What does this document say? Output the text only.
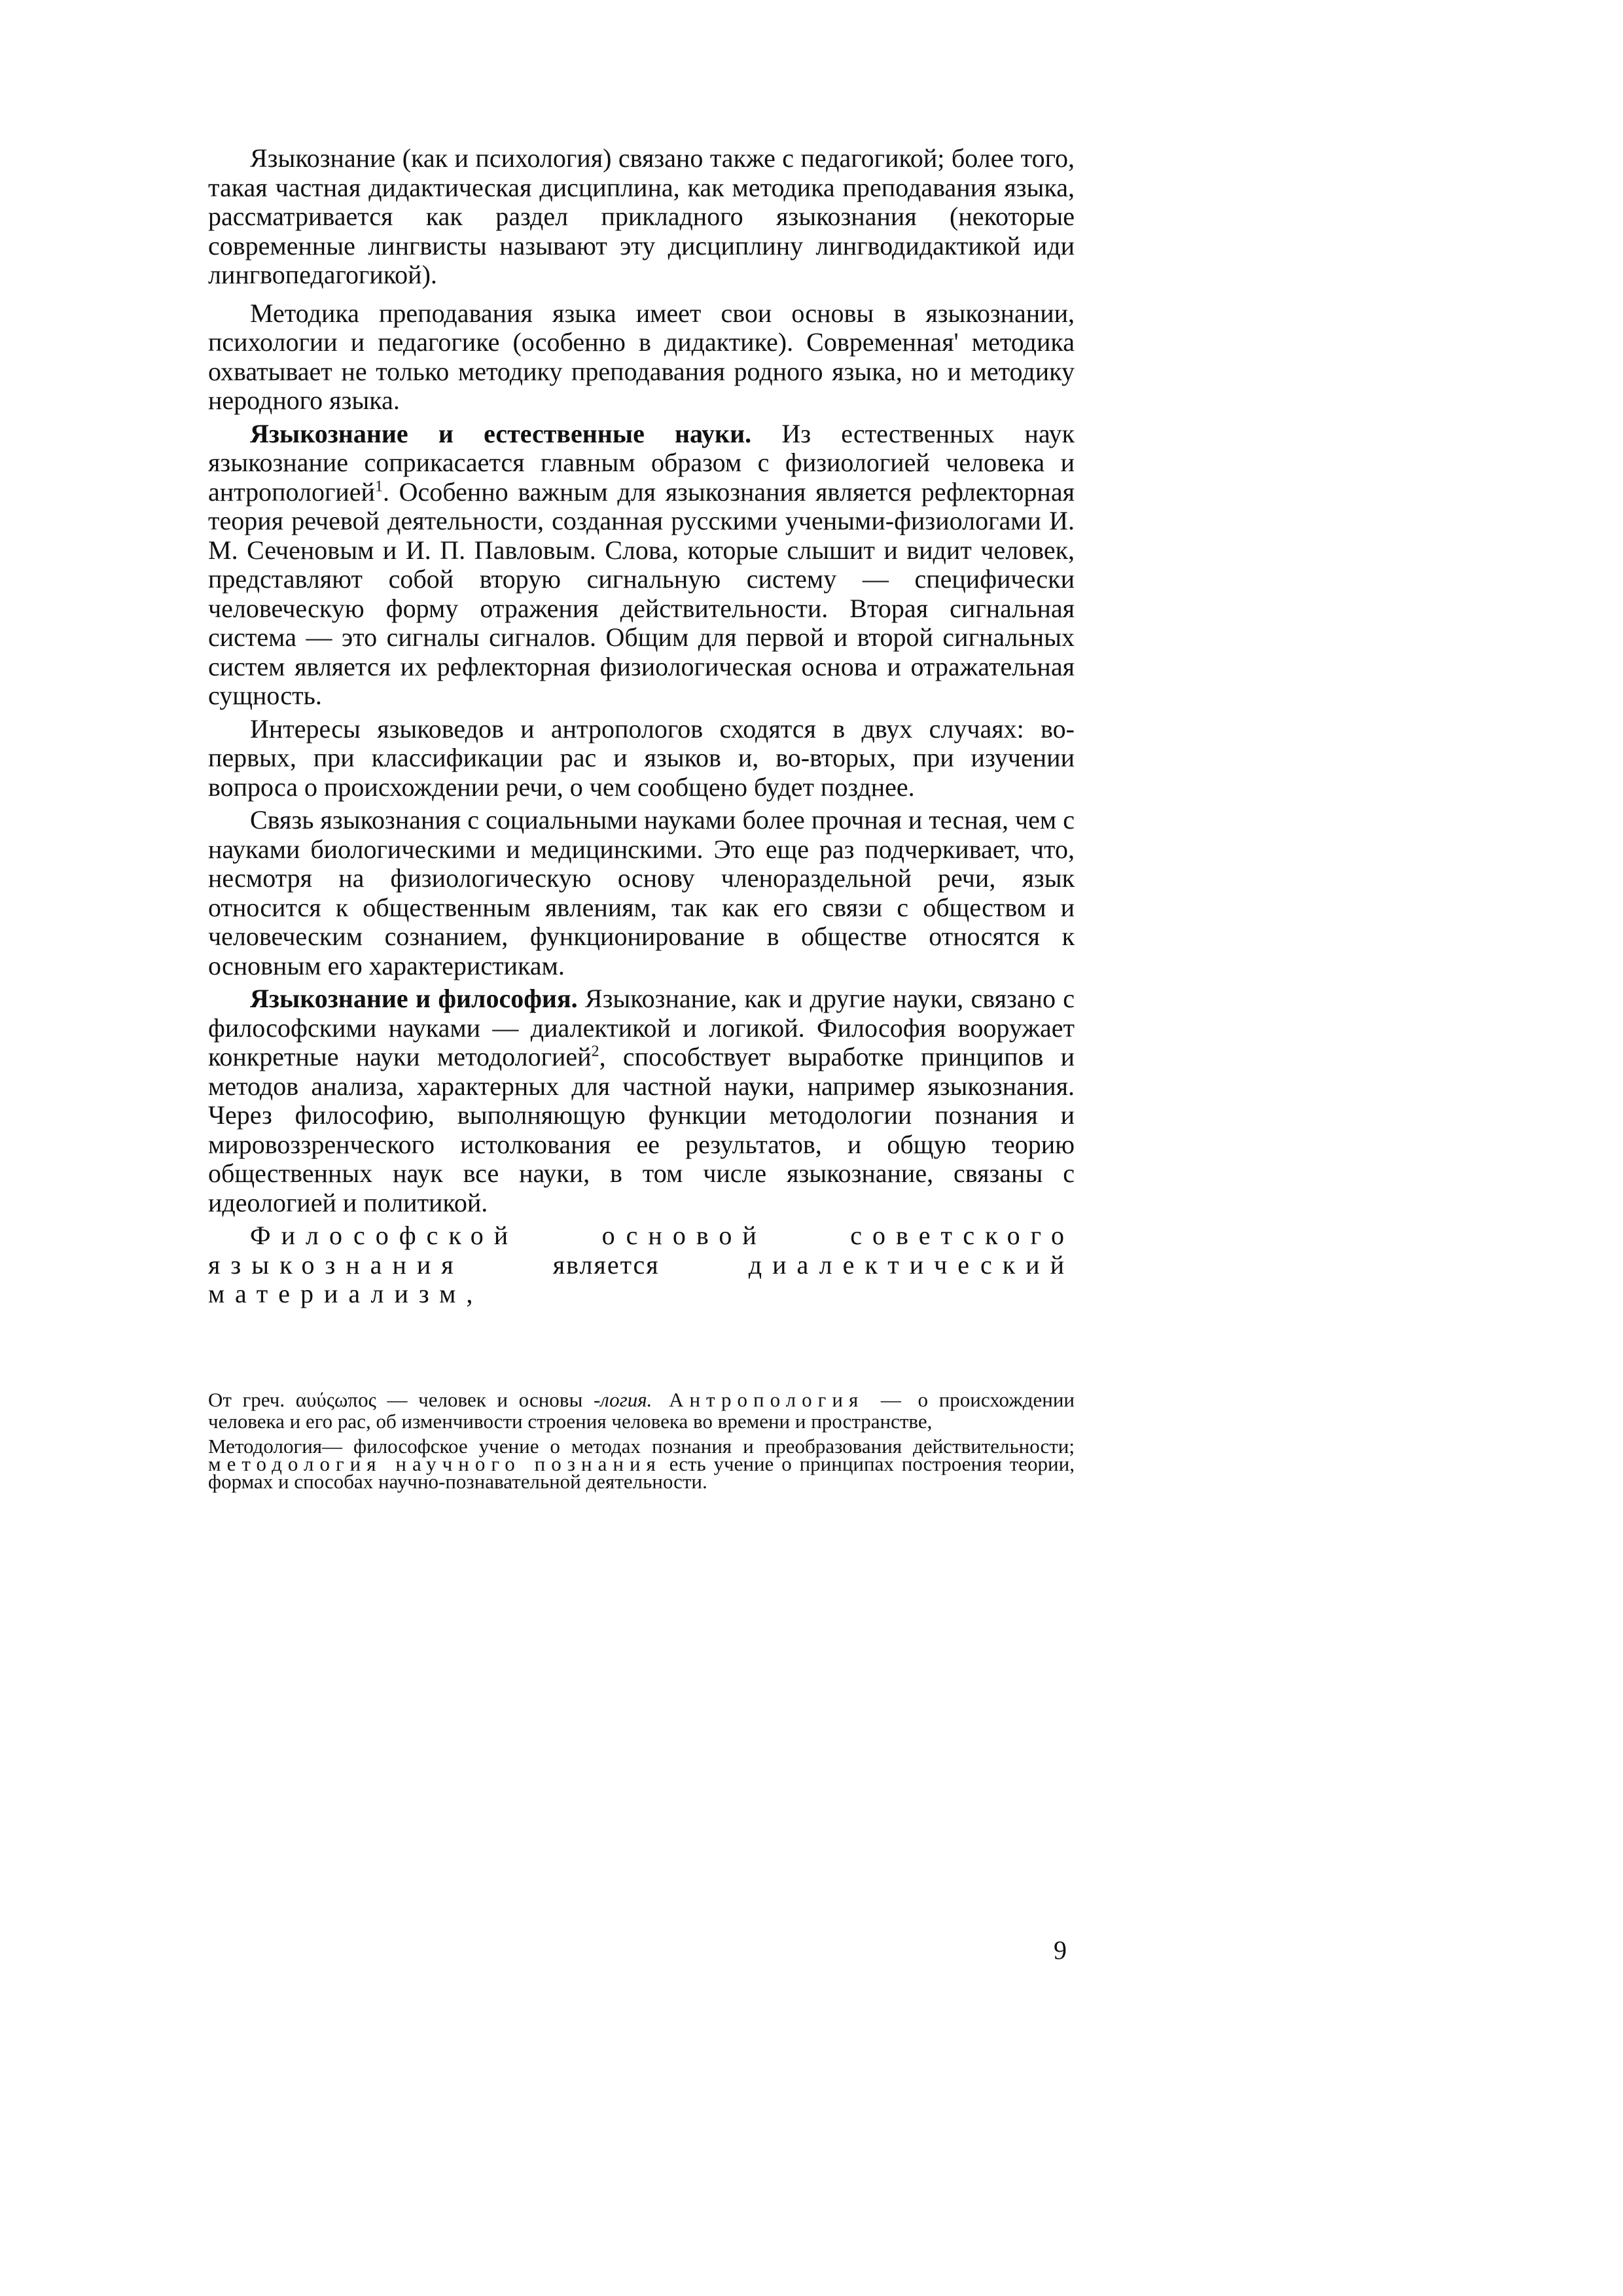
Языкознание (как и психология) связано также с педагогикой; более того, такая частная дидактическая дисциплина, как методика преподавания языка, рассматривается как раздел прикладного языкознания (некоторые современные лингвисты называют эту дисциплину лингводидактикой иди лингвопедагогикой).

Методика преподавания языка имеет свои основы в языкознании, психологии и педагогике (особенно в дидактике). Современная' методика охватывает не только методику преподавания родного языка, но и методику неродного языка.

Языкознание и естественные науки. Из естественных наук языкознание соприкасается главным образом с физиологией человека и антропологией$^1$. Особенно важным для языкознания является рефлекторная теория речевой деятельности, созданная русскими учеными-физиологами И. М. Сеченовым и И. П. Павловым. Слова, которые слышит и видит человек, представляют собой вторую сигнальную систему — специфически человеческую форму отражения действительности. Вторая сигнальная система — это сигналы сигналов. Общим для первой и второй сигнальных систем является их рефлекторная физиологическая основа и отражательная сущность.

Интересы языковедов и антропологов сходятся в двух случаях: во-первых, при классификации рас и языков и, во-вторых, при изучении вопроса о происхождении речи, о чем сообщено будет позднее.

Связь языкознания с социальными науками более прочная и тесная, чем с науками биологическими и медицинскими. Это еще раз подчеркивает, что, несмотря на физиологическую основу членораздельной речи, язык относится к общественным явлениям, так как его связи с обществом и человеческим сознанием, функционирование в обществе относятся к основным его характеристикам.

Языкознание и философия. Языкознание, как и другие науки, связано с философскими науками — диалектикой и логикой. Философия вооружает конкретные науки методологией$^2$, способствует выработке принципов и методов анализа, характерных для частной науки, например языкознания. Через философию, выполняющую функции методологии познания и мировоззренческого истолкования ее результатов, и общую теорию общественных наук все науки, в том числе языкознание, связаны с идеологией и политикой.

Философской основой советского языкознания является диалектический материализм,

От греч. αυύςωπος — человек и основы -логия. Антропология — о происхождении человека и его рас, об изменчивости строения человека во времени и пространстве,

Методология— философское учение о методах познания и преобразования действительности; методология научного познания есть учение о принципах построения теории, формах и способах научно-познавательной деятельности.

9
